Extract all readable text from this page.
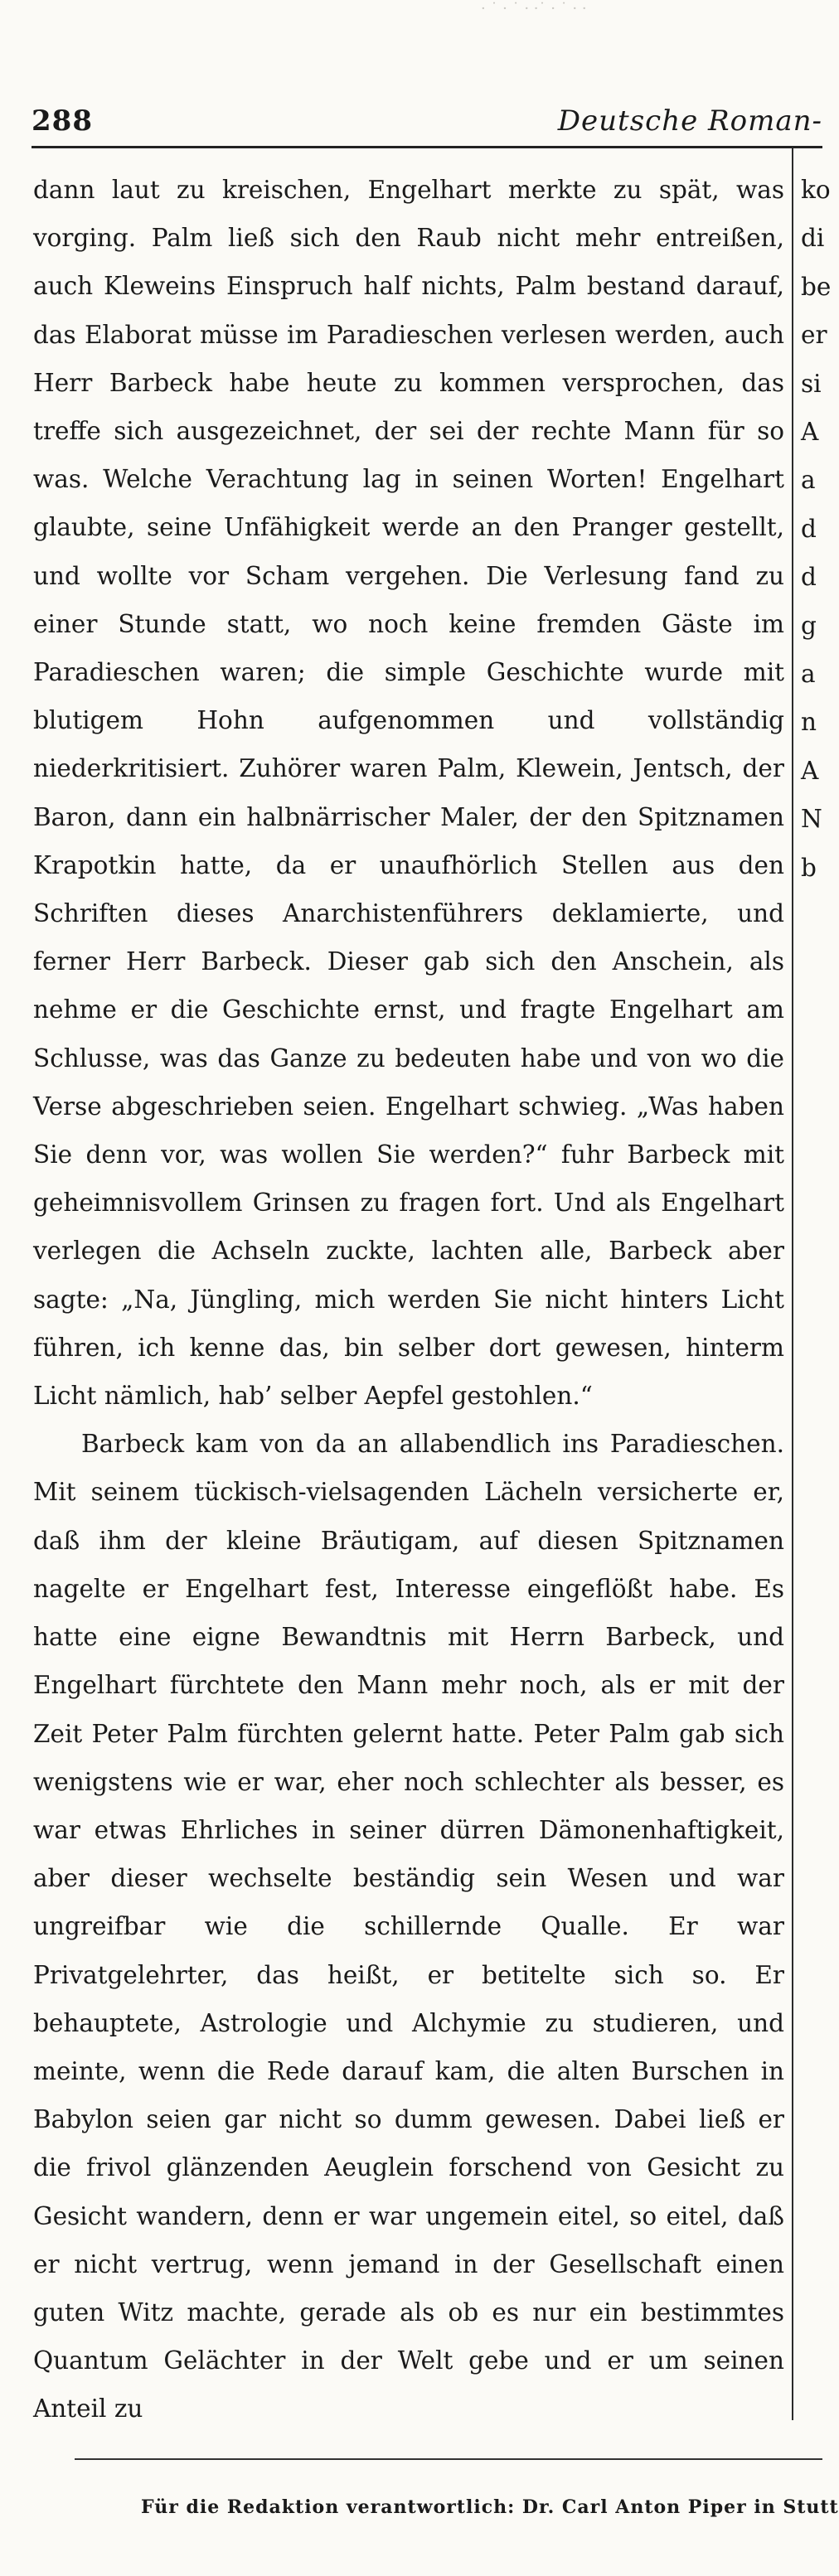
· ˙ · ˙ · ·˙ · ˙ · ·
288	Deutsche Roman-

dann laut zu kreischen, Engelhart merkte zu spät, was vorging. Palm ließ sich den Raub nicht mehr entreißen, auch Kleweins Einspruch half nichts, Palm bestand darauf, das Elaborat müsse im Paradieschen verlesen werden, auch Herr Barbeck habe heute zu kommen versprochen, das treffe sich ausgezeichnet, der sei der rechte Mann für so was. Welche Verachtung lag in seinen Worten! Engelhart glaubte, seine Unfähigkeit werde an den Pranger gestellt, und wollte vor Scham vergehen. Die Verlesung fand zu einer Stunde statt, wo noch keine fremden Gäste im Paradieschen waren; die simple Geschichte wurde mit blutigem Hohn aufgenommen und vollständig niederkritisiert. Zuhörer waren Palm, Klewein, Jentsch, der Baron, dann ein halbnärrischer Maler, der den Spitznamen Krapotkin hatte, da er unaufhörlich Stellen aus den Schriften dieses Anarchistenführers deklamierte, und ferner Herr Barbeck. Dieser gab sich den Anschein, als nehme er die Geschichte ernst, und fragte Engelhart am Schlusse, was das Ganze zu bedeuten habe und von wo die Verse abgeschrieben seien. Engelhart schwieg. „Was haben Sie denn vor, was wollen Sie werden?“ fuhr Barbeck mit geheimnisvollem Grinsen zu fragen fort. Und als Engelhart verlegen die Achseln zuckte, lachten alle, Barbeck aber sagte: „Na, Jüngling, mich werden Sie nicht hinters Licht führen, ich kenne das, bin selber dort gewesen, hinterm Licht nämlich, hab’ selber Aepfel gestohlen.“

Barbeck kam von da an allabendlich ins Paradieschen. Mit seinem tückisch-vielsagenden Lächeln versicherte er, daß ihm der kleine Bräutigam, auf diesen Spitznamen nagelte er Engelhart fest, Interesse eingeflößt habe. Es hatte eine eigne Bewandtnis mit Herrn Barbeck, und Engelhart fürchtete den Mann mehr noch, als er mit der Zeit Peter Palm fürchten gelernt hatte. Peter Palm gab sich wenigstens wie er war, eher noch schlechter als besser, es war etwas Ehrliches in seiner dürren Dämonenhaftigkeit, aber dieser wechselte beständig sein Wesen und war ungreifbar wie die schillernde Qualle. Er war Privatgelehrter, das heißt, er betitelte sich so. Er behauptete, Astrologie und Alchymie zu studieren, und meinte, wenn die Rede darauf kam, die alten Burschen in Babylon seien gar nicht so dumm gewesen. Dabei ließ er die frivol glänzenden Aeuglein forschend von Gesicht zu Gesicht wandern, denn er war ungemein eitel, so eitel, daß er nicht vertrug, wenn jemand in der Gesellschaft einen guten Witz machte, gerade als ob es nur ein bestimmtes Quantum Gelächter in der Welt gebe und er um seinen Anteil zu

ko
di
be
er
si
A
a
d
d
g
a
n
A
N
b
Für die Redaktion verantwortlich: Dr. Carl Anton Piper in Stutt
